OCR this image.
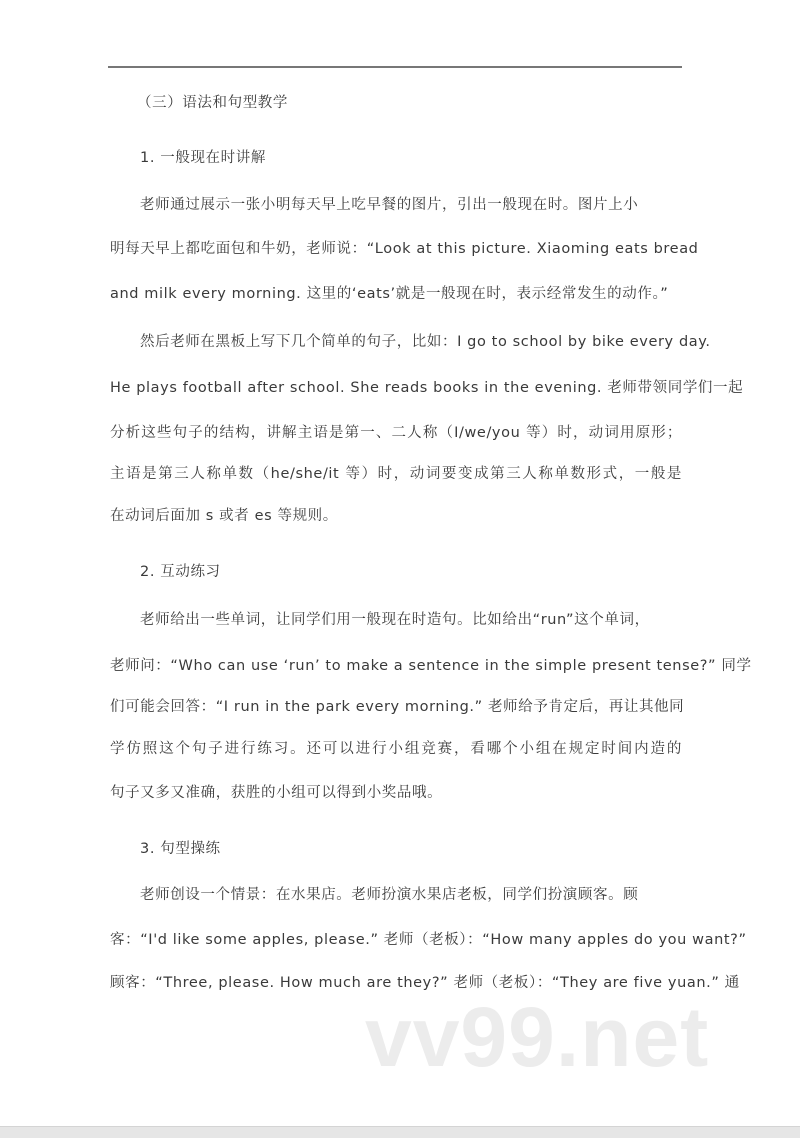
（三）语法和句型教学
1. 一般现在时讲解
老师通过展示一张小明每天早上吃早餐的图片，引出一般现在时。图片上小
明每天早上都吃面包和牛奶，老师说：“Look at this picture. Xiaoming eats bread
and milk every morning. 这里的‘eats’就是一般现在时，表示经常发生的动作。”
然后老师在黑板上写下几个简单的句子，比如：I go to school by bike every day.
He plays football after school. She reads books in the evening. 老师带领同学们一起
分析这些句子的结构，讲解主语是第一、二人称（I/we/you 等）时，动词用原形；
主语是第三人称单数（he/she/it 等）时，动词要变成第三人称单数形式，一般是
在动词后面加 s 或者 es 等规则。
2. 互动练习
老师给出一些单词，让同学们用一般现在时造句。比如给出“run”这个单词，
老师问：“Who can use ‘run’ to make a sentence in the simple present tense?” 同学
们可能会回答：“I run in the park every morning.” 老师给予肯定后，再让其他同
学仿照这个句子进行练习。还可以进行小组竞赛，看哪个小组在规定时间内造的
句子又多又准确，获胜的小组可以得到小奖品哦。
3. 句型操练
老师创设一个情景：在水果店。老师扮演水果店老板，同学们扮演顾客。顾
客：“I'd like some apples, please.” 老师（老板）：“How many apples do you want?”
顾客：“Three, please. How much are they?” 老师（老板）：“They are five yuan.” 通
vv99.net
